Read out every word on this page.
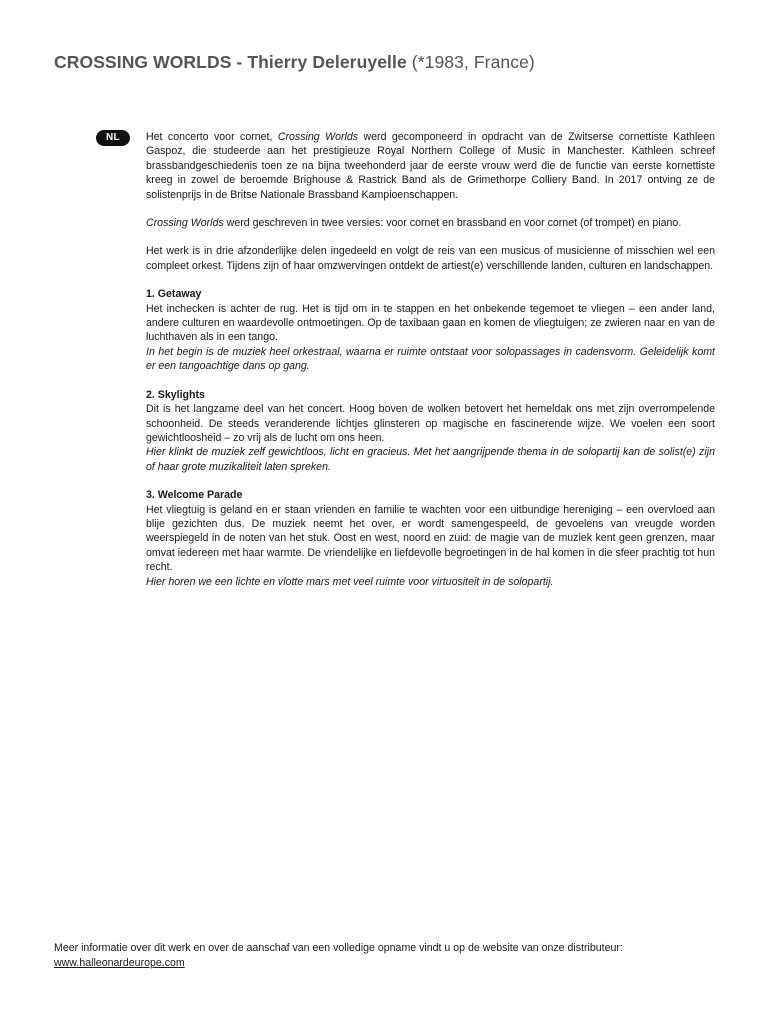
CROSSING WORLDS - Thierry Deleruyelle (*1983, France)
NL	Het concerto voor cornet, Crossing Worlds werd gecomponeerd in opdracht van de Zwitserse cornettiste Kathleen Gaspoz, die studeerde aan het prestigieuze Royal Northern College of Music in Manchester. Kathleen schreef brassbandgeschiedenis toen ze na bijna tweehonderd jaar de eerste vrouw werd die de functie van eerste kornettiste kreeg in zowel de beroemde Brighouse & Rastrick Band als de Grimethorpe Colliery Band. In 2017 ontving ze de solistenprijs in de Britse Nationale Brassband Kampioenschappen.

Crossing Worlds werd geschreven in twee versies: voor cornet en brassband en voor cornet (of trompet) en piano.

Het werk is in drie afzonderlijke delen ingedeeld en volgt de reis van een musicus of musicienne of misschien wel een compleet orkest. Tijdens zijn of haar omzwervingen ontdekt de artiest(e) verschillende landen, culturen en landschappen.

1. Getaway
Het inchecken is achter de rug. Het is tijd om in te stappen en het onbekende tegemoet te vliegen – een ander land, andere culturen en waardevolle ontmoetingen. Op de taxibaan gaan en komen de vliegtuigen; ze zwieren naar en van de luchthaven als in een tango.
In het begin is de muziek heel orkestraal, waarna er ruimte ontstaat voor solopassages in cadensvorm. Geleidelijk komt er een tangoachtige dans op gang.
2. Skylights
Dit is het langzame deel van het concert. Hoog boven de wolken betovert het hemeldak ons met zijn overrompelende schoonheid. De steeds veranderende lichtjes glinsteren op magische en fascinerende wijze. We voelen een soort gewichtloosheid – zo vrij als de lucht om ons heen.
Hier klinkt de muziek zelf gewichtloos, licht en gracieus. Met het aangrijpende thema in de solopartij kan de solist(e) zijn of haar grote muzikaliteit laten spreken.
3. Welcome Parade
Het vliegtuig is geland en er staan vrienden en familie te wachten voor een uitbundige hereniging – een overvloed aan blije gezichten dus. De muziek neemt het over, er wordt samengespeeld, de gevoelens van vreugde worden weerspiegeld in de noten van het stuk. Oost en west, noord en zuid: de magie van de muziek kent geen grenzen, maar omvat iedereen met haar warmte. De vriendelijke en liefdevolle begroetingen in de hal komen in die sfeer prachtig tot hun recht.
Hier horen we een lichte en vlotte mars met veel ruimte voor virtuositeit in de solopartij.
Meer informatie over dit werk en over de aanschaf van een volledige opname vindt u op de website van onze distributeur:
www.halleonardeurope.com
